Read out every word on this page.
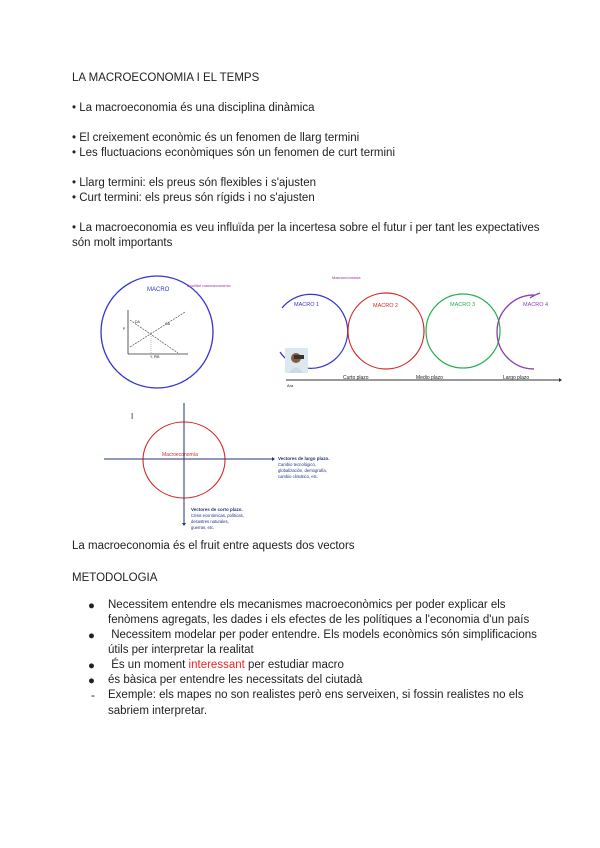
LA MACROECONOMIA I EL TEMPS
• La macroeconomia és una disciplina dinàmica
• El creixement econòmic és un fenomen de llarg termini
• Les fluctuacions econòmiques són un fenomen de curt termini
• Llarg termini: els preus són flexibles i s'ajusten
• Curt termini: els preus són rígids i no s'ajusten
• La macroeconomia es veu influïda per la incertesa sobre el futur i per tant les expectatives
són molt importants
MACRO
Equilibri macroeconòmic
DA	OA
P
Y, PIB
Macroeconomia
MACRO 1	MACRO 2	MACRO 3	MACRO 4
Ara
Curto plazo	Medio plazo	Largo plazo
I
Macroeconomía
Vectores de largo plazo.
Cambio tecnológico,
globalización, demografía,
cambio climático, etc.
Vectores de corto plazo.
Crisis económicas, políticas,
desastres naturales,
guerras, etc.
La macroeconomia és el fruit entre aquests dos vectors
METODOLOGIA
● Necessitem entendre els mecanismes macroeconòmics per poder explicar els
fenòmens agregats, les dades i els efectes de les polítiques a l'economia d'un país
● Necessitem modelar per poder entendre. Els models econòmics són simplificacions
útils per interpretar la realitat
● És un moment interessant per estudiar macro
● és bàsica per entendre les necessitats del ciutadà
- Exemple: els mapes no son realistes però ens serveixen, si fossin realistes no els
sabriem interpretar.
